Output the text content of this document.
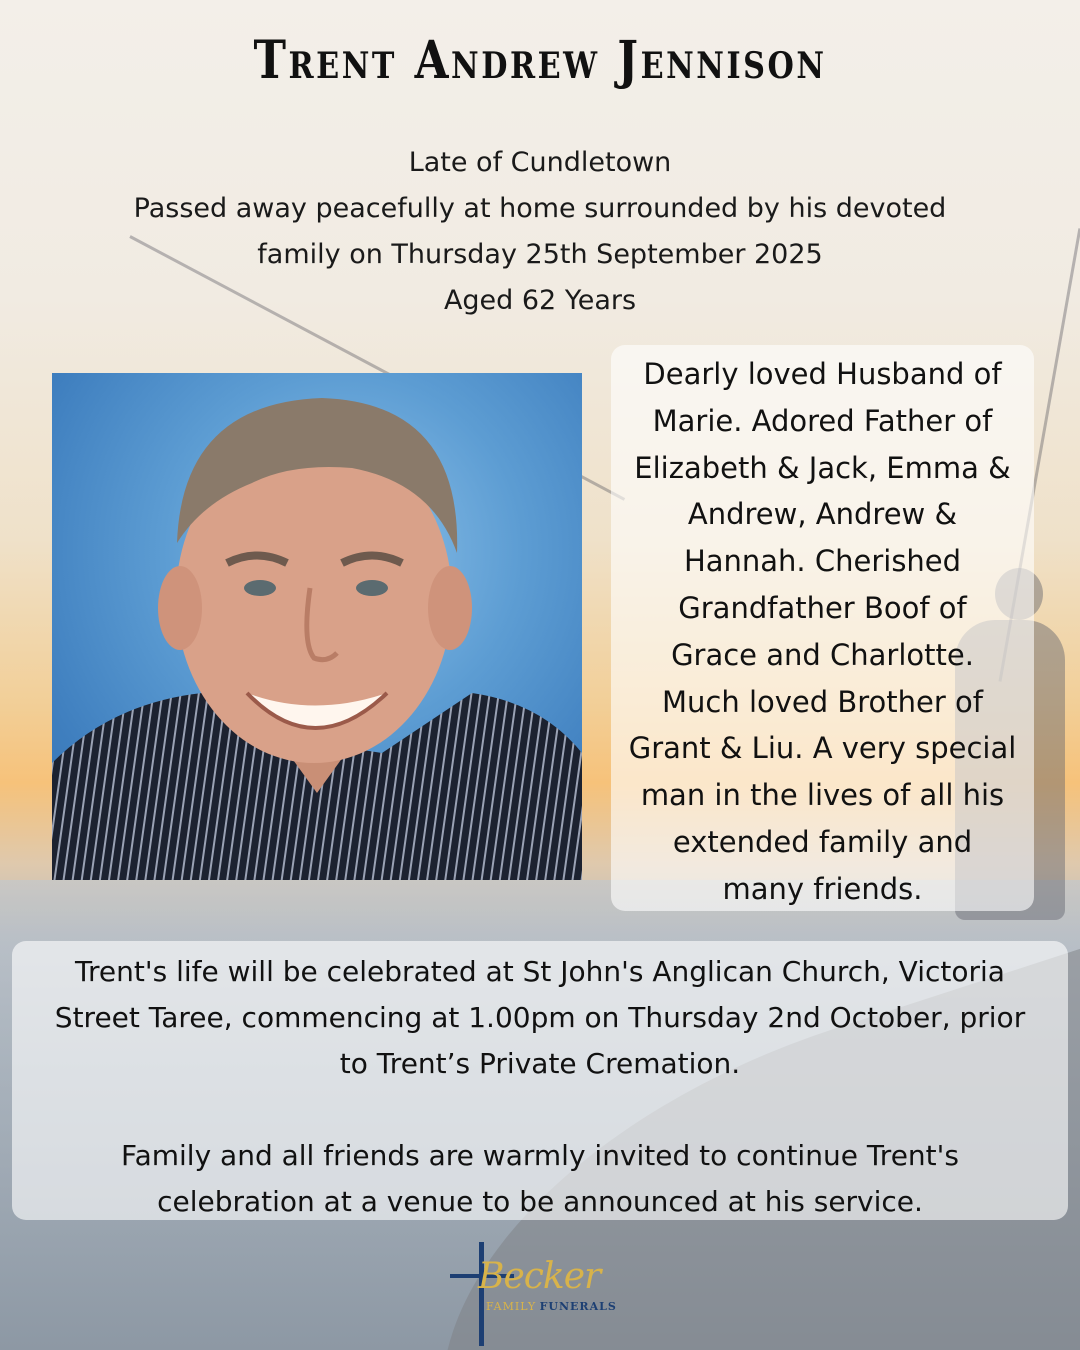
Trent Andrew Jennison
Late of Cundletown
Passed away peacefully at home surrounded by his devoted
family on Thursday 25th September 2025
Aged 62 Years
Dearly loved Husband of
Marie. Adored Father of
Elizabeth & Jack, Emma &
Andrew, Andrew &
Hannah. Cherished
Grandfather Boof of
Grace and Charlotte.
Much loved Brother of
Grant & Liu. A very special
man in the lives of all his
extended family and
many friends.

Trent's life will be celebrated at St John's Anglican Church, Victoria
Street Taree, commencing at 1.00pm on Thursday 2nd October, prior
to Trent’s Private Cremation.

Family and all friends are warmly invited to continue Trent's
celebration at a venue to be announced at his service.

Becker
FAMILY FUNERALS
